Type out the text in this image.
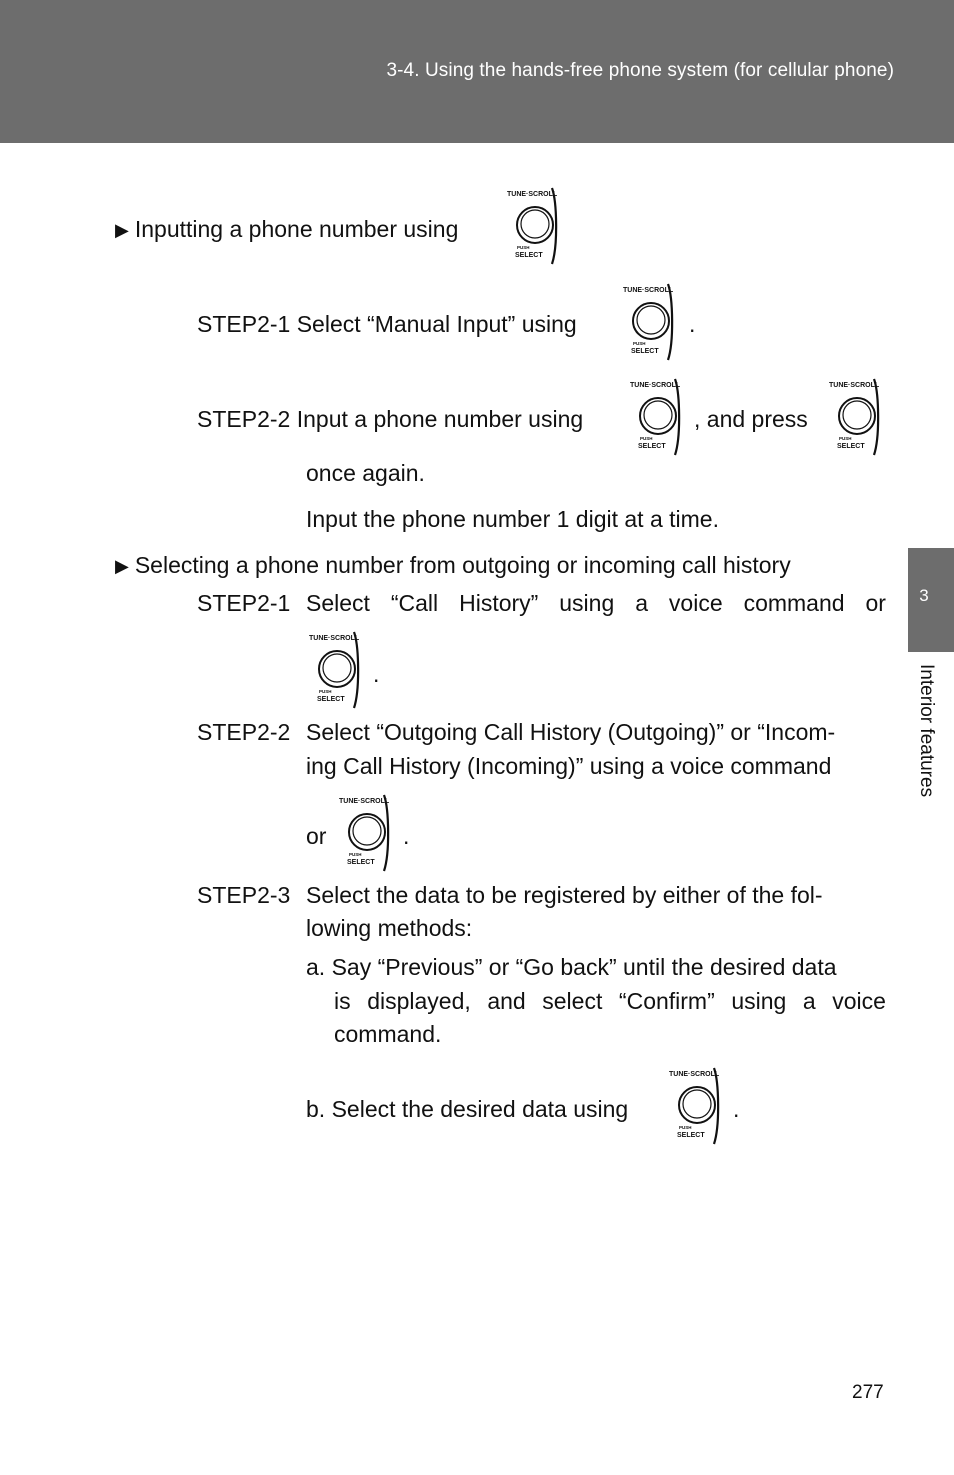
3-4. Using the hands-free phone system (for cellular phone)
3
Interior features
▶ Inputting a phone number using
TUNE·SCROLL
PUSH
SELECT
STEP2-1 Select “Manual Input” using
TUNE·SCROLL
PUSH
SELECT
.
STEP2-2 Input a phone number using
TUNE·SCROLL
PUSH
SELECT
, and press
TUNE·SCROLL
PUSH
SELECT
once again.
Input the phone number 1 digit at a time.
▶ Selecting a phone number from outgoing or incoming call history
STEP2-1 Select “Call History” using a voice command or
TUNE·SCROLL
PUSH
SELECT
.
STEP2-2 Select “Outgoing Call History (Outgoing)” or “Incom-
ing Call History (Incoming)” using a voice command
or
TUNE·SCROLL
PUSH
SELECT
.
STEP2-3 Select the data to be registered by either of the fol-
lowing methods:
a. Say “Previous” or “Go back” until the desired data
is displayed, and select “Confirm” using a voice
command.
b. Select the desired data using
TUNE·SCROLL
PUSH
SELECT
.
277
